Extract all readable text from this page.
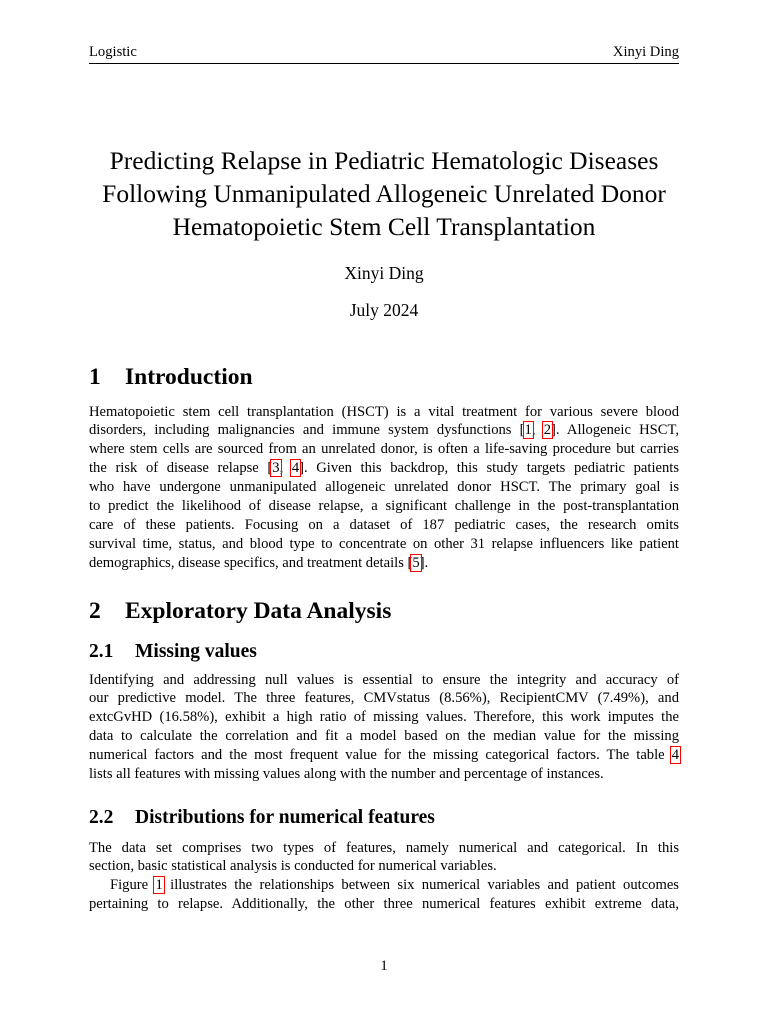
Logistic	Xinyi Ding
Predicting Relapse in Pediatric Hematologic Diseases
Following Unmanipulated Allogeneic Unrelated Donor
Hematopoietic Stem Cell Transplantation
Xinyi Ding
July 2024
1 Introduction
Hematopoietic stem cell transplantation (HSCT) is a vital treatment for various severe blood
disorders, including malignancies and immune system dysfunctions [1, 2]. Allogeneic HSCT,
where stem cells are sourced from an unrelated donor, is often a life-saving procedure but carries
the risk of disease relapse [3, 4]. Given this backdrop, this study targets pediatric patients
who have undergone unmanipulated allogeneic unrelated donor HSCT. The primary goal is
to predict the likelihood of disease relapse, a significant challenge in the post-transplantation
care of these patients. Focusing on a dataset of 187 pediatric cases, the research omits
survival time, status, and blood type to concentrate on other 31 relapse influencers like patient
demographics, disease specifics, and treatment details [5].
2 Exploratory Data Analysis
2.1 Missing values
Identifying and addressing null values is essential to ensure the integrity and accuracy of
our predictive model. The three features, CMVstatus (8.56%), RecipientCMV (7.49%), and
extcGvHD (16.58%), exhibit a high ratio of missing values. Therefore, this work imputes the
data to calculate the correlation and fit a model based on the median value for the missing
numerical factors and the most frequent value for the missing categorical factors. The table 4
lists all features with missing values along with the number and percentage of instances.
2.2 Distributions for numerical features
The data set comprises two types of features, namely numerical and categorical. In this
section, basic statistical analysis is conducted for numerical variables.
Figure 1 illustrates the relationships between six numerical variables and patient outcomes
pertaining to relapse. Additionally, the other three numerical features exhibit extreme data,
1
